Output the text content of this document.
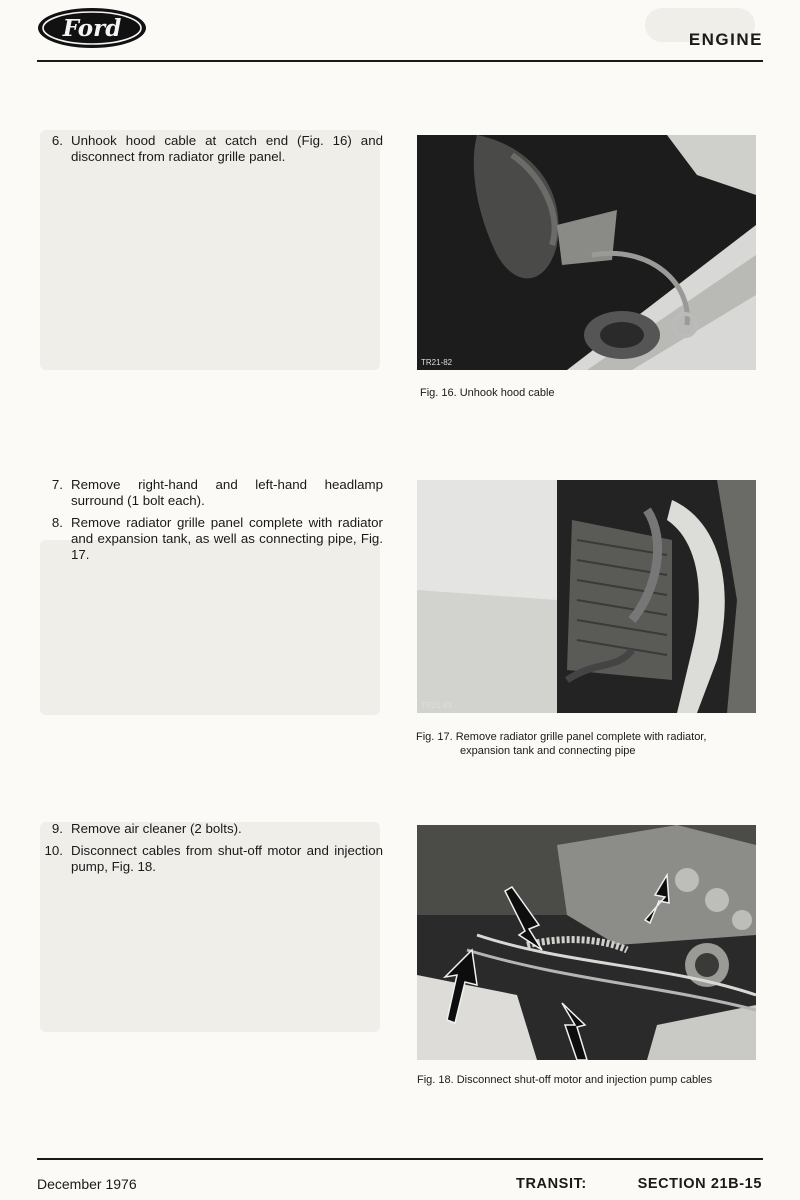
Ford	ENGINE
6. Unhook hood cable at catch end (Fig. 16) and disconnect from radiator grille panel.
7. Remove right-hand and left-hand headlamp surround (1 bolt each).
8. Remove radiator grille panel complete with radiator and expansion tank, as well as connecting pipe, Fig. 17.
9. Remove air cleaner (2 bolts).
10. Disconnect cables from shut-off motor and injection pump, Fig. 18.
TR21-82
Fig. 16. Unhook hood cable
TR21-83
Fig. 17. Remove radiator grille panel complete with radiator,
expansion tank and connecting pipe
TR21-84
Fig. 18. Disconnect shut-off motor and injection pump cables
December 1976	TRANSIT:	SECTION 21B-15
